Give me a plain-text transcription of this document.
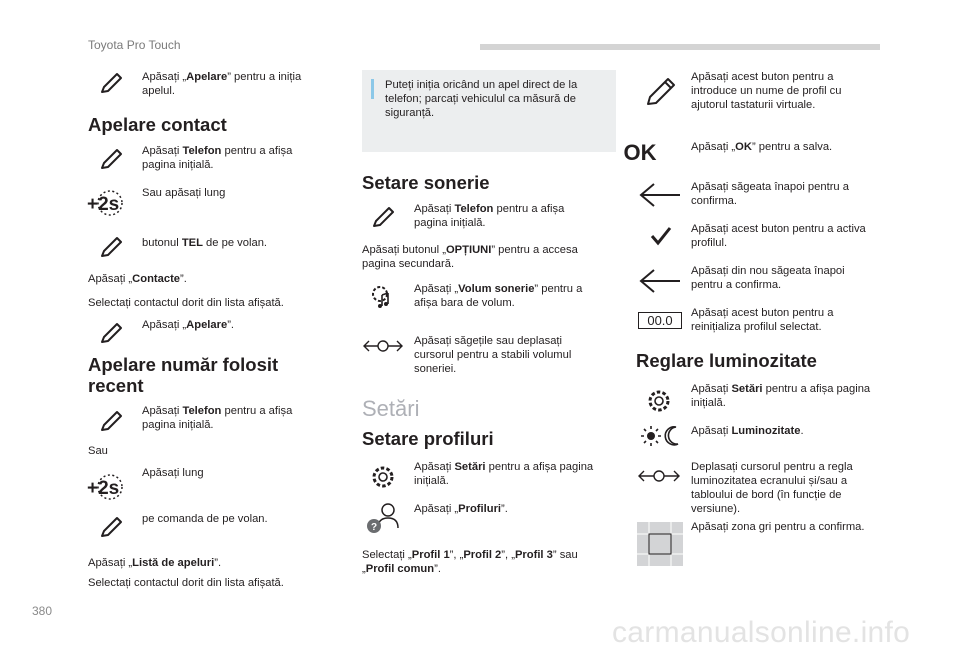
Toyota Pro Touch
Apăsați „Apelare” pentru a iniția apelul.
Apelare contact
Apăsați Telefon pentru a afișa pagina inițială.
+2s
Sau apăsați lung
butonul TEL de pe volan.
Apăsați „Contacte”.
Selectați contactul dorit din lista afișată.
Apăsați „Apelare”.
Apelare număr folosit recent
Apăsați Telefon pentru a afișa pagina inițială.
Sau
+2s
Apăsați lung
pe comanda de pe volan.
Apăsați „Listă de apeluri”.
Selectați contactul dorit din lista afișată.
Puteți iniția oricând un apel direct de la telefon; parcați vehiculul ca măsură de siguranță.
Setare sonerie
Apăsați Telefon pentru a afișa pagina inițială.
Apăsați butonul „OPȚIUNI” pentru a accesa pagina secundară.
Apăsați „Volum sonerie” pentru a afișa bara de volum.
Apăsați săgețile sau deplasați cursorul pentru a stabili volumul soneriei.
Setări
Setare profiluri
Apăsați Setări pentru a afișa pagina inițială.
?
Apăsați „Profiluri”.
Selectați „Profil 1”, „Profil 2”, „Profil 3” sau „Profil comun”.
Apăsați acest buton pentru a introduce un nume de profil cu ajutorul tastaturii virtuale.
OK	Apăsați „OK” pentru a salva.
Apăsați săgeata înapoi pentru a confirma.
Apăsați acest buton pentru a activa profilul.
Apăsați din nou săgeata înapoi pentru a confirma.
00.0	Apăsați acest buton pentru a reinițializa profilul selectat.
Reglare luminozitate
Apăsați Setări pentru a afișa pagina inițială.
Apăsați Luminozitate.
Deplasați cursorul pentru a regla luminozitatea ecranului și/sau a tabloului de bord (în funcție de versiune).
Apăsați zona gri pentru a confirma.
380
carmanualsonline.info
